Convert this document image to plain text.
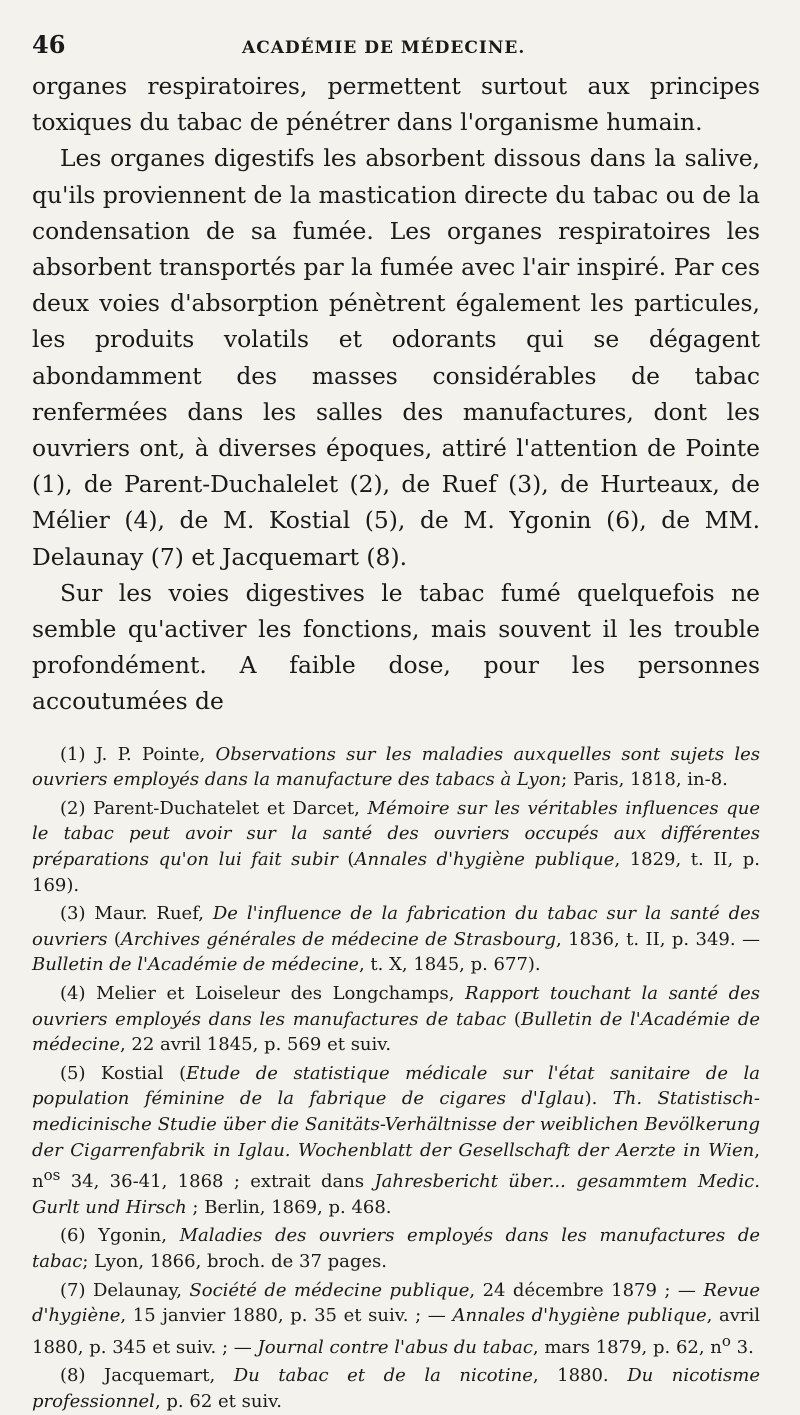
46	ACADÉMIE DE MÉDECINE.

organes respiratoires, permettent surtout aux principes toxiques du tabac de pénétrer dans l'organisme humain.

Les organes digestifs les absorbent dissous dans la salive, qu'ils proviennent de la mastication directe du tabac ou de la condensation de sa fumée. Les organes respiratoires les absorbent transportés par la fumée avec l'air inspiré. Par ces deux voies d'absorption pénètrent également les particules, les produits volatils et odorants qui se dégagent abondamment des masses considérables de tabac renfermées dans les salles des manufactures, dont les ouvriers ont, à diverses époques, attiré l'attention de Pointe (1), de Parent-Duchalelet (2), de Ruef (3), de Hurteaux, de Mélier (4), de M. Kostial (5), de M. Ygonin (6), de MM. Delaunay (7) et Jacquemart (8).

Sur les voies digestives le tabac fumé quelquefois ne semble qu'activer les fonctions, mais souvent il les trouble profondément. A faible dose, pour les personnes accoutumées de

(1) J. P. Pointe, Observations sur les maladies auxquelles sont sujets les ouvriers employés dans la manufacture des tabacs à Lyon; Paris, 1818, in-8.

(2) Parent-Duchatelet et Darcet, Mémoire sur les véritables influences que le tabac peut avoir sur la santé des ouvriers occupés aux différentes préparations qu'on lui fait subir (Annales d'hygiène publique, 1829, t. II, p. 169).

(3) Maur. Ruef, De l'influence de la fabrication du tabac sur la santé des ouvriers (Archives générales de médecine de Strasbourg, 1836, t. II, p. 349. — Bulletin de l'Académie de médecine, t. X, 1845, p. 677).

(4) Melier et Loiseleur des Longchamps, Rapport touchant la santé des ouvriers employés dans les manufactures de tabac (Bulletin de l'Académie de médecine, 22 avril 1845, p. 569 et suiv.

(5) Kostial (Etude de statistique médicale sur l'état sanitaire de la population féminine de la fabrique de cigares d'Iglau). Th. Statistisch-medicinische Studie über die Sanitäts-Verhältnisse der weiblichen Bevölkerung der Cigarrenfabrik in Iglau. Wochenblatt der Gesellschaft der Aerzte in Wien, $n^{os}$ 34, 36-41, 1868 ; extrait dans Jahresbericht über... gesammtem Medic. Gurlt und Hirsch ; Berlin, 1869, p. 468.

(6) Ygonin, Maladies des ouvriers employés dans les manufactures de tabac; Lyon, 1866, broch. de 37 pages.

(7) Delaunay, Société de médecine publique, 24 décembre 1879 ; — Revue d'hygiène, 15 janvier 1880, p. 35 et suiv. ; — Annales d'hygiène publique, avril 1880, p. 345 et suiv. ; — Journal contre l'abus du tabac, mars 1879, p. 62, $n^o$ 3.

(8) Jacquemart, Du tabac et de la nicotine, 1880. Du nicotisme professionnel, p. 62 et suiv.
